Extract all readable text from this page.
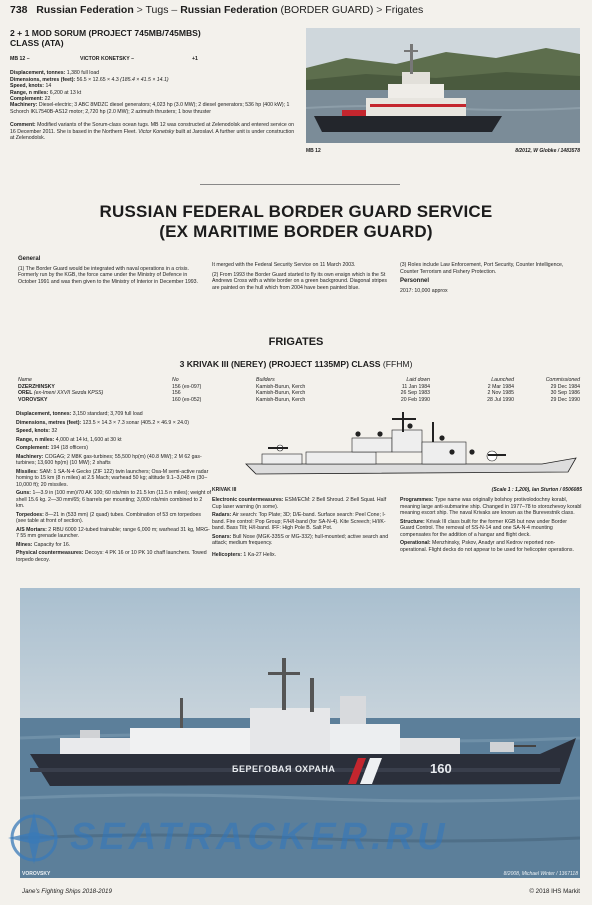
738 Russian Federation > Tugs – Russian Federation (BORDER GUARD) > Frigates
2 + 1 MOD SORUM (PROJECT 745MB/745MBS)
CLASS (ATA)
MB 12 –	VICTOR KONETSKY –	+1

Displacement, tonnes: 1,380 full load

Dimensions, metres (feet): 56.5 × 12.65 × 4.3 (185.4 × 41.5 × 14.1)

Speed, knots: 14

Range, n miles: 6,200 at 13 kt

Complement: 22

Machinery: Diesel-electric; 3 ABC 8MDZC diesel generators; 4,023 hp (3.0 MW); 2 diesel generators; 536 hp (400 kW); 1 Schorch IKL7540B-AS12 motor; 2,720 hp (2.0 MW); 2 azimuth thrusters; 1 bow thruster

Comment: Modified variants of the Sorum-class ocean tugs. MB 12 was constructed at Zelenodolsk and entered service on 16 December 2011. She is based in the Northern Fleet. Victor Konetsky built at Jaroslavl. A further unit is under construction at Zelenodolsk.

MB 12	8/2012, W Globke / 1483578
RUSSIAN FEDERAL BORDER GUARD SERVICE
(EX MARITIME BORDER GUARD)

General

(1) The Border Guard would be integrated with naval operations in a crisis. Formerly run by the KGB, the force came under the Ministry of Defence in October 1991 and was then given to the Ministry of Interior in December 1993.

It merged with the Federal Security Service on 11 March 2003.

(2) From 1993 the Border Guard started to fly its own ensign which is the St Andrews Cross with a white border on a green background. Diagonal stripes are painted on the hull which from 2004 have been painted blue.

(3) Roles include Law Enforcement, Port Security, Counter Intelligence, Counter Terrorism and Fishery Protection.

Personnel

2017: 10,000 approx

FRIGATES
3 KRIVAK III (NEREY) (PROJECT 1135MP) CLASS (FFHM)
Name	No	Builders	Laid down	Launched	Commissioned
DZERZHINSKY	156 (ex-097)	Kamish-Burun, Kerch	11 Jan 1984	2 Mar 1984	29 Dec 1984
OREL (ex-Imeni XXVII Sezda KPSS)	156	Kamish-Burun, Kerch	26 Sep 1983	2 Nov 1985	30 Sep 1986
VOROVSKY	160 (ex-052)	Kamish-Burun, Kerch	20 Feb 1990	28 Jul 1990	29 Dec 1990

Displacement, tonnes: 3,150 standard; 3,709 full load

Dimensions, metres (feet): 123.5 × 14.3 × 7.3 sonar (405.2 × 46.9 × 24.0)

Speed, knots: 32

Range, n miles: 4,000 at 14 kt, 1,600 at 30 kt

Complement: 194 (18 officers)

Machinery: COGAG; 2 M8K gas-turbines; 55,500 hp(m) (40.8 MW); 2 M 62 gas-turbines; 13,600 hp(m) (10 MW); 2 shafts

Missiles: SAM: 1 SA-N-4 Gecko (ZIF 122) twin launchers; Osa-M semi-active radar homing to 15 km (8 n miles) at 2.5 Mach; warhead 50 kg; altitude 9.1–3,048 m (30–10,000 ft); 20 missiles.

Guns: 1—3.9 in (100 mm)/70 AK 100; 60 rds/min to 21.5 km (11.5 n miles); weight of shell 15.6 kg. 2—30 mm/65; 6 barrels per mounting; 3,000 rds/min combined to 2 km.

Torpedoes: 8—21 in (533 mm) (2 quad) tubes. Combination of 53 cm torpedoes (see table at front of section).

A/S Mortars: 2 RBU 6000 12-tubed trainable; range 6,000 m; warhead 31 kg, MRG-7 55 mm grenade launcher.

Mines: Capacity for 16.

Physical countermeasures: Decoys: 4 PK 16 or 10 PK 10 chaff launchers. Towed torpedo decoy.

KRIVAK III	(Scale 1 : 1,200), Ian Sturton / 0506085

Electronic countermeasures: ESM/ECM: 2 Bell Shroud. 2 Bell Squat. Half Cup laser warning (in some).

Radars: Air search: Top Plate; 3D; D/E-band. Surface search: Peel Cone; I-band. Fire control: Pop Group; F/H/I-band (for SA-N-4). Kite Screech; H/I/K-band. Bass Tilt; H/I-band. IFF: High Pole B. Salt Pot.

Sonars: Bull Nose (MGK-335S or MG-332); hull-mounted; active search and attack; medium frequency.

Helicopters: 1 Ka-27 Helix.

Programmes: Type name was originally bolshoy protivolodochny korabl, meaning large anti-submarine ship. Changed in 1977–78 to storozhevoy korabl meaning escort ship. The naval Krivaks are known as the Burevestnik class.

Structure: Krivak III class built for the former KGB but now under Border Guard Control. The removal of SS-N-14 and one SA-N-4 mounting compensates for the addition of a hangar and flight deck.

Operational: Menzhinsky, Pskov, Anadyr and Kedrov reported non-operational. Flight decks do not appear to be used for helicopter operations.

БЕРЕГОВАЯ ОХРАНА	160
SEATRACKER.RU
VOROVSKY	8/2008, Michael Winter / 1367118
Jane's Fighting Ships 2018-2019	© 2018 IHS Markit
